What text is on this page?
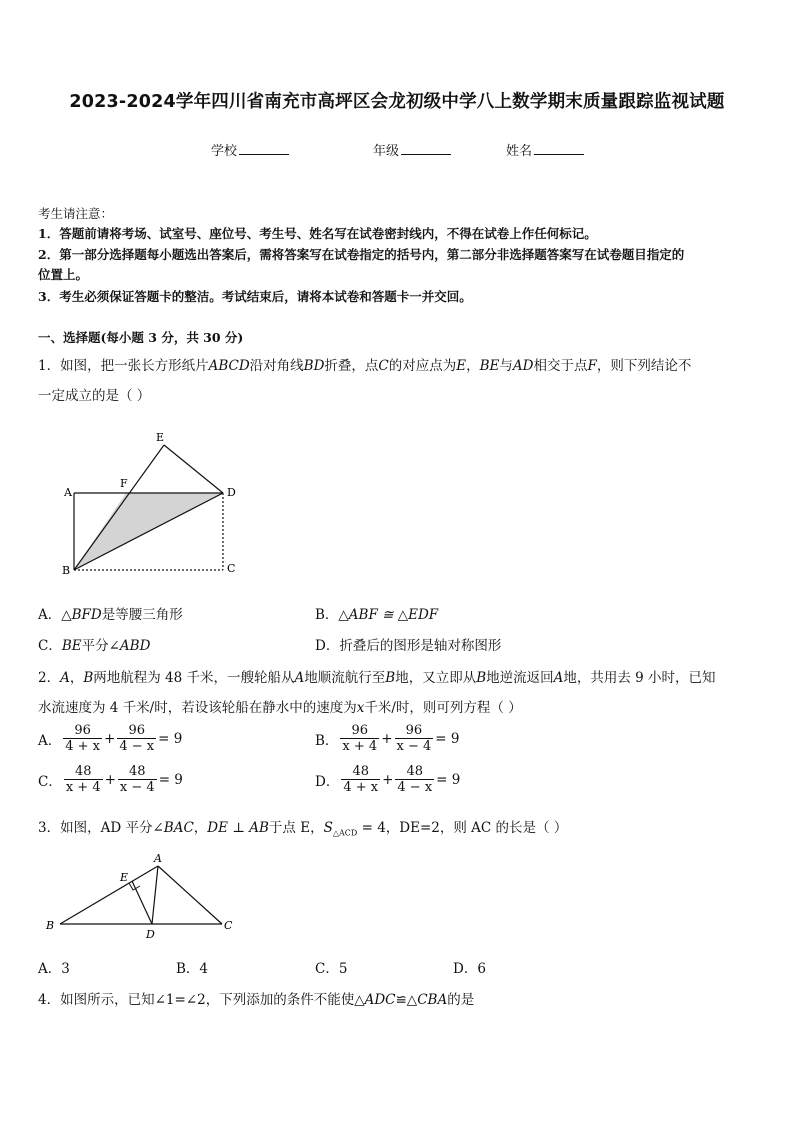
2023-2024学年四川省南充市高坪区会龙初级中学八上数学期末质量跟踪监视试题
学校	年级	姓名
考生请注意：
1．答题前请将考场、试室号、座位号、考生号、姓名写在试卷密封线内，不得在试卷上作任何标记。
2．第一部分选择题每小题选出答案后，需将答案写在试卷指定的括号内，第二部分非选择题答案写在试卷题目指定的
位置上。
3．考生必须保证答题卡的整洁。考试结束后，请将本试卷和答题卡一并交回。
一、选择题(每小题 3 分，共 30 分)
1．如图，把一张长方形纸片ABCD沿对角线BD折叠，点C的对应点为E，BE与AD相交于点F，则下列结论不
一定成立的是（ ）
A
B	C
D
E
F
A．△BFD是等腰三角形	B．△ABF ≅ △EDF
C．BE平分∠ABD	D．折叠后的图形是轴对称图形
2．A，B两地航程为 48 千米，一艘轮船从A地顺流航行至B地，又立即从B地逆流返回A地，共用去 9 小时，已知
水流速度为 4 千米/时，若设该轮船在静水中的速度为x千米/时，则可列方程（ ）
A． $\frac{96}{4 + x} + \frac{96}{4 - x} = 9$	B． $\frac{96}{x + 4} + \frac{96}{x - 4} = 9$
C． $\frac{48}{x + 4} + \frac{48}{x - 4} = 9$	D． $\frac{48}{4 + x} + \frac{48}{4 - x} = 9$
3．如图，AD 平分∠BAC，DE ⊥ AB于点 E，$S_{\triangle ACD} = 4$，DE=2，则 AC 的长是（ ）
A
B	C
D
E
A．3	B．4	C．5	D．6
4．如图所示，已知∠1=∠2，下列添加的条件不能使△ADC≌△CBA的是
